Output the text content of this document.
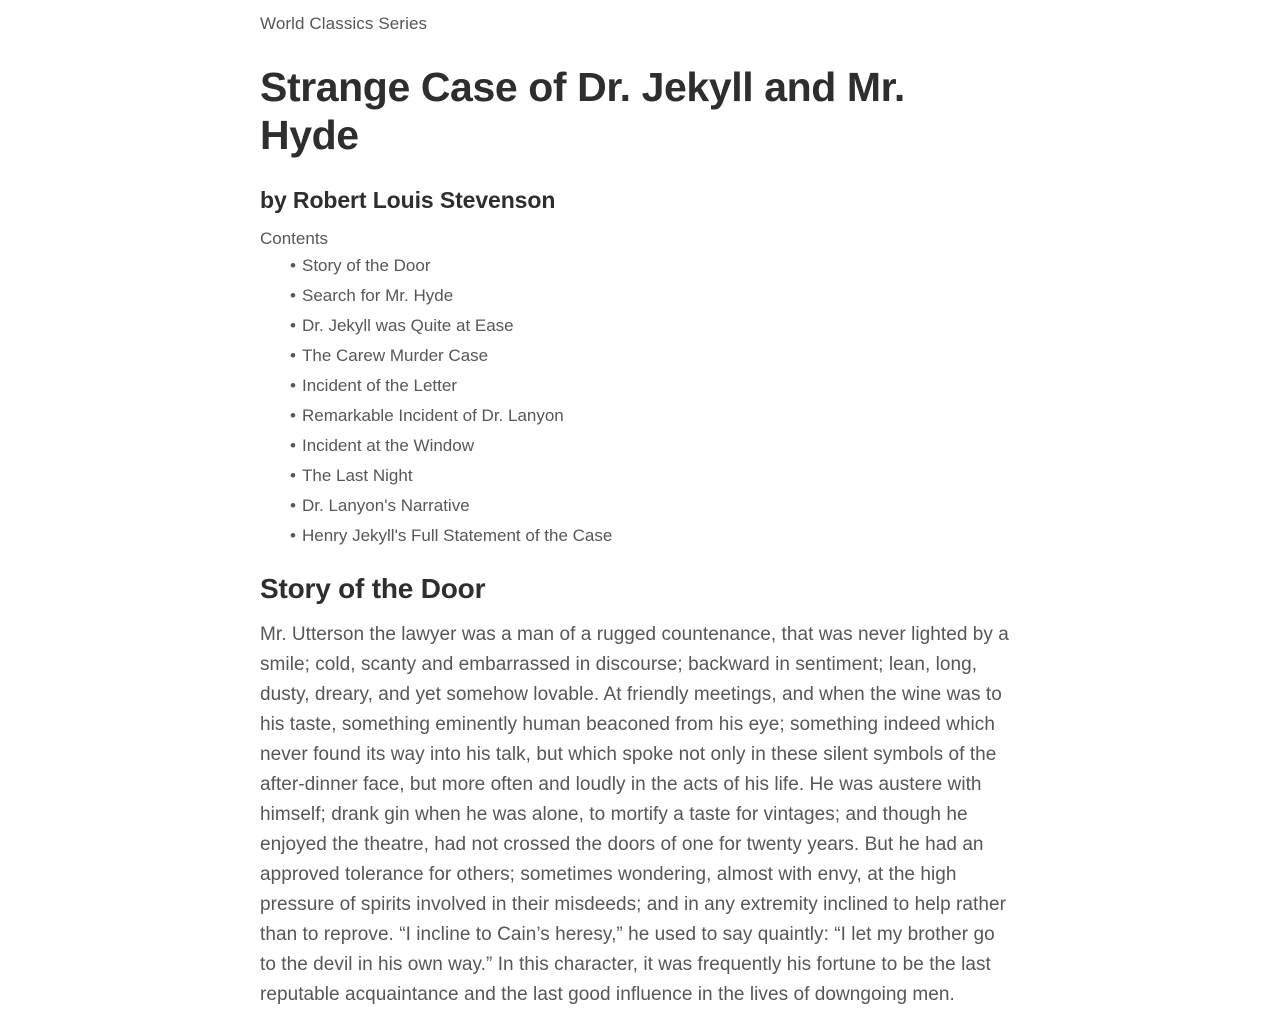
World Classics Series

Strange Case of Dr. Jekyll and Mr. Hyde
by Robert Louis Stevenson

Contents

• Story of the Door
• Search for Mr. Hyde
• Dr. Jekyll was Quite at Ease
• The Carew Murder Case
• Incident of the Letter
• Remarkable Incident of Dr. Lanyon
• Incident at the Window
• The Last Night
• Dr. Lanyon's Narrative
• Henry Jekyll's Full Statement of the Case
Story of the Door

Mr. Utterson the lawyer was a man of a rugged countenance, that was never lighted by a smile; cold, scanty and embarrassed in discourse; backward in sentiment; lean, long, dusty, dreary, and yet somehow lovable. At friendly meetings, and when the wine was to his taste, something eminently human beaconed from his eye; something indeed which never found its way into his talk, but which spoke not only in these silent symbols of the after-dinner face, but more often and loudly in the acts of his life. He was austere with himself; drank gin when he was alone, to mortify a taste for vintages; and though he enjoyed the theatre, had not crossed the doors of one for twenty years. But he had an approved tolerance for others; sometimes wondering, almost with envy, at the high pressure of spirits involved in their misdeeds; and in any extremity inclined to help rather than to reprove. “I incline to Cain’s heresy,” he used to say quaintly: “I let my brother go to the devil in his own way.” In this character, it was frequently his fortune to be the last reputable acquaintance and the last good influence in the lives of downgoing men.
